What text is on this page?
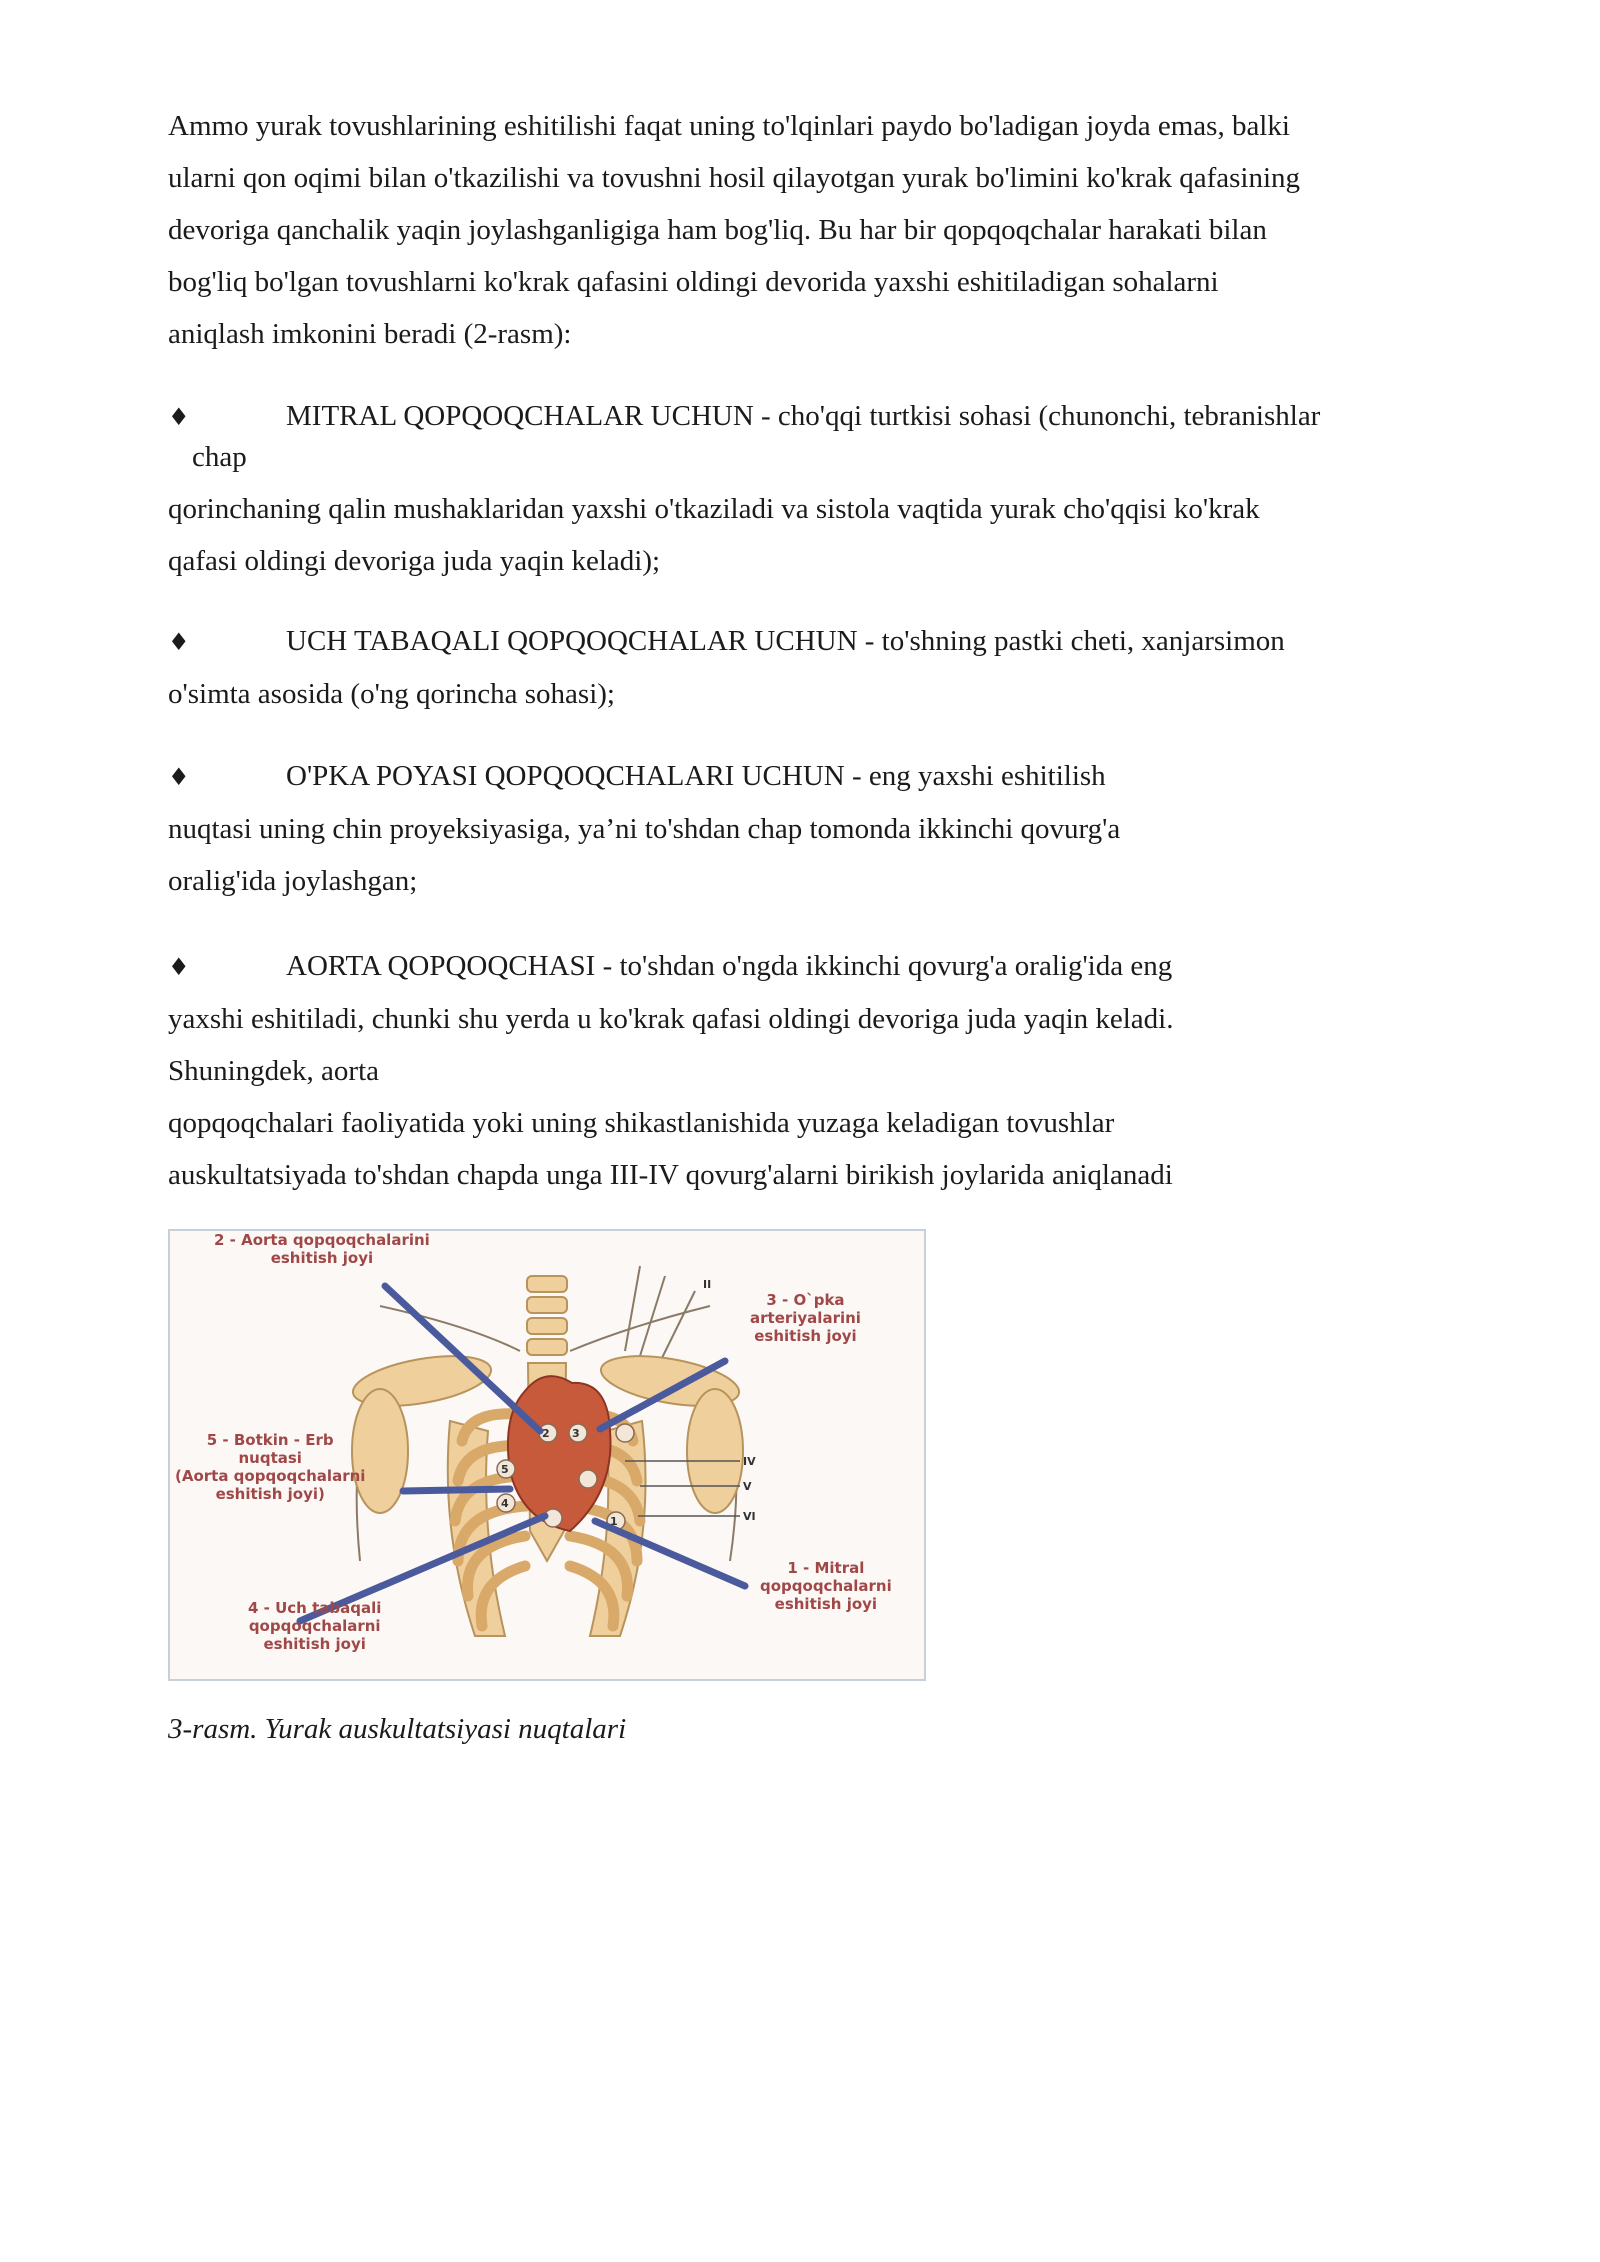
Ammo yurak tovushlarining eshitilishi faqat uning to'lqinlari paydo bo'ladigan joyda emas, balki
ularni qon oqimi bilan o'tkazilishi va tovushni hosil qilayotgan yurak bo'limini ko'krak qafasining
devoriga qanchalik yaqin joylashganligiga ham bog'liq. Bu har bir qopqoqchalar harakati bilan
bog'liq bo'lgan tovushlarni ko'krak qafasini oldingi devorida yaxshi eshitiladigan sohalarni
aniqlash imkonini beradi (2-rasm):
♦	MITRAL QOPQOQCHALAR UCHUN - cho'qqi turtkisi sohasi (chunonchi, tebranishlar
chap
qorinchaning qalin mushaklaridan yaxshi o'tkaziladi va sistola vaqtida yurak cho'qqisi ko'krak
qafasi oldingi devoriga juda yaqin keladi);
♦	UCH TABAQALI QOPQOQCHALAR UCHUN - to'shning pastki cheti, xanjarsimon
o'simta asosida (o'ng qorincha sohasi);
♦	O'PKA POYASI QOPQOQCHALARI UCHUN - eng yaxshi eshitilish
nuqtasi uning chin proyeksiyasiga, ya’ni to'shdan chap tomonda ikkinchi qovurg'a
oralig'ida joylashgan;
♦	AORTA QOPQOQCHASI - to'shdan o'ngda ikkinchi qovurg'a oralig'ida eng
yaxshi eshitiladi, chunki shu yerda u ko'krak qafasi oldingi devoriga juda yaqin keladi.
Shuningdek, aorta
qopqoqchalari faoliyatida yoki uning shikastlanishida yuzaga keladigan tovushlar
auskultatsiyada to'shdan chapda unga III-IV qovurg'alarni birikish joylarida aniqlanadi
2 - Aorta qopqoqchalarini
eshitish joyi
3 - O`pka
arteriyalarini
eshitish joyi
5 - Botkin - Erb
nuqtasi
(Aorta qopqoqchalarni
eshitish joyi)
1 - Mitral
qopqoqchalarni
eshitish joyi
4 - Uch tabaqali
qopqoqchalarni
eshitish joyi
II
IV
V
VI
2 3
5
4
1
3-rasm. Yurak auskultatsiyasi nuqtalari
